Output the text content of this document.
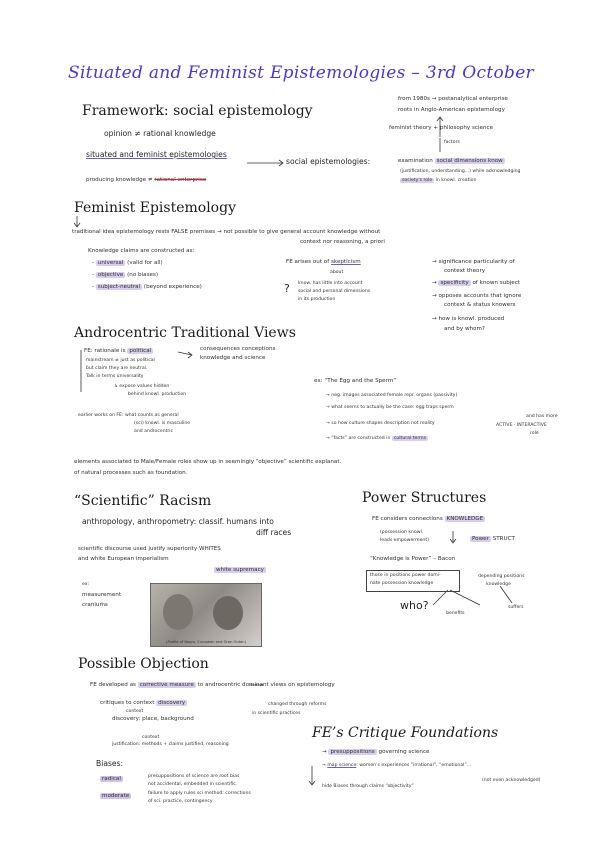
Situated and Feminist Epistemologies – 3rd October
Framework: social epistemology
opinion ≠ rational knowledge
situated and feminist epistemologies
producing knowledge ≠ rational enterprise
social epistemologies:
from 1980s → postanalytical enterprise
roots in Anglo-American epistemology
feminist theory + philosophy science
factors
examination social dimensions know
(justification, understanding...) while acknowledging
society's role in knowl. creation
Feminist Epistemology
traditional idea epistemology rests FALSE premises → not possible to give general account knowledge without
context nor reasoning, a priori
Knowledge claims are constructed as:
- universal (valid for all)
- objective (no biases)
- subject-neutral (beyond experience)
FE arises out of skepticism
about
? know. has little into account
social and personal dimensions
in its production
→ significance particularity of
context theory
→ specificity of known subject
→ opposes accounts that ignore
context & status knowers
→ how is knowl. produced
and by whom?
Androcentric Traditional Views
FE: rationale is political
mainstream ≠ just as political
but claim they are neutral.
Talk in terms universality
consequences conceptions
knowledge and science
↳ expose values hidden
behind knowl. production
earlier works on FE: what counts as general
(sci) knowl. is masculine
and androcentric
ex: “The Egg and the Sperm”
→ neg. images associated female repr. organs (passivity)
→ what seems to actually be the case: egg traps sperm
and has more
→ so how culture shapes description not reality	ACTIVE · INTERACTIVE
role
→ “facts” are constructed in cultural terms
elements associated to Male/Female roles show up in seemingly “objective” scientific explanat.
of natural processes such as foundation.
“Scientific” Racism
anthropology, anthropometry: classif. humans into
diff races
scientific discourse used justify superiority WHITES
and white European imperialism
white supremacy
ex:
measurement
craniums
(Profile of Negro, European and Oran Outan)
Power Structures
FE considers connections KNOWLEDGE
(possession knowl.
leads empowerment)	Power STRUCT
“Knowledge is Power” – Bacon
those in positions power domi-
nate possession knowledge
depending positions
knowledge
who?
benefits
suffers
Possible Objection
FE developed as corrective measure to androcentric dominant views on epistemology
critiques to context discovery	changed through reforms
in scientific practices
context
discovery: place, background
context
justification: methods + claims justified, reasoning
Biases:
radical	presuppositions of science are root bias
not accidental, embedded in scientific.
moderate	failure to apply rules sci method: corrections
of sci. practice, contingency
FE’s Critique Foundations
→ presuppositions governing science
→ map science: women’s experiences “irrational”, “emotional”...
hide Biases through claims “objectivity”
(not even acknowledged)
